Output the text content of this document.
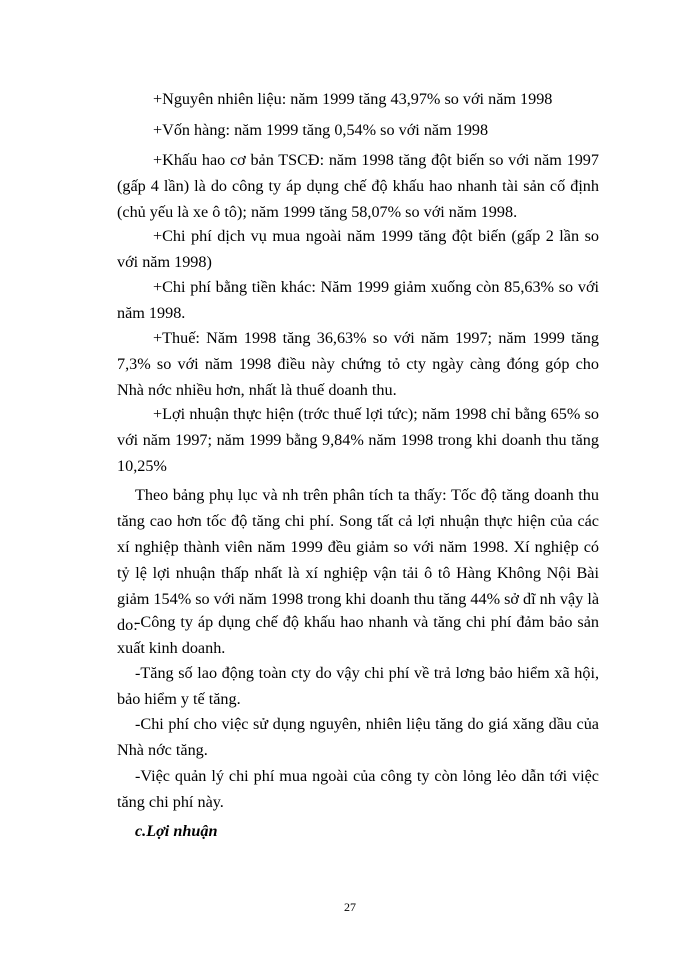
+Nguyên nhiên liệu: năm 1999 tăng 43,97% so với năm 1998

+Vốn hàng: năm 1999 tăng 0,54% so với năm 1998

+Khấu hao cơ bản TSCĐ: năm 1998 tăng đột biến so với năm 1997 (gấp 4 lần) là do công ty áp dụng chế độ khấu hao nhanh tài sản cố định (chủ yếu là xe ô tô); năm 1999 tăng 58,07% so với năm 1998.

+Chi phí dịch vụ mua ngoài năm 1999 tăng đột biến (gấp 2 lần so với năm 1998)

+Chi phí bằng tiền khác: Năm 1999 giảm xuống còn 85,63% so với năm 1998.

+Thuế: Năm 1998 tăng 36,63% so với năm 1997; năm 1999 tăng 7,3% so với năm 1998 điều này chứng tỏ cty ngày càng đóng góp cho Nhà nớc nhiều hơn, nhất là thuế doanh thu.

+Lợi nhuận thực hiện (trớc thuế lợi tức); năm 1998 chỉ bằng 65% so với năm 1997; năm 1999 bằng 9,84% năm 1998 trong khi doanh thu tăng 10,25%

Theo bảng phụ lục và nh trên phân tích ta thấy: Tốc độ tăng doanh thu tăng cao hơn tốc độ tăng chi phí. Song tất cả lợi nhuận thực hiện của các xí nghiệp thành viên năm 1999 đều giảm so với năm 1998. Xí nghiệp có tỷ lệ lợi nhuận thấp nhất là xí nghiệp vận tải ô tô Hàng Không Nội Bài giảm 154% so với năm 1998 trong khi doanh thu tăng 44% sở dĩ nh vậy là do:

-Công ty áp dụng chế độ khấu hao nhanh và tăng chi phí đảm bảo sản xuất kinh doanh.

-Tăng số lao động toàn cty do vậy chi phí về trả lơng bảo hiểm xã hội, bảo hiểm y tế tăng.

-Chi phí cho việc sử dụng nguyên, nhiên liệu tăng do giá xăng dầu của Nhà nớc tăng.

-Việc quản lý chi phí mua ngoài của công ty còn lỏng lẻo dẫn tới việc tăng chi phí này.

c.Lợi nhuận

27
